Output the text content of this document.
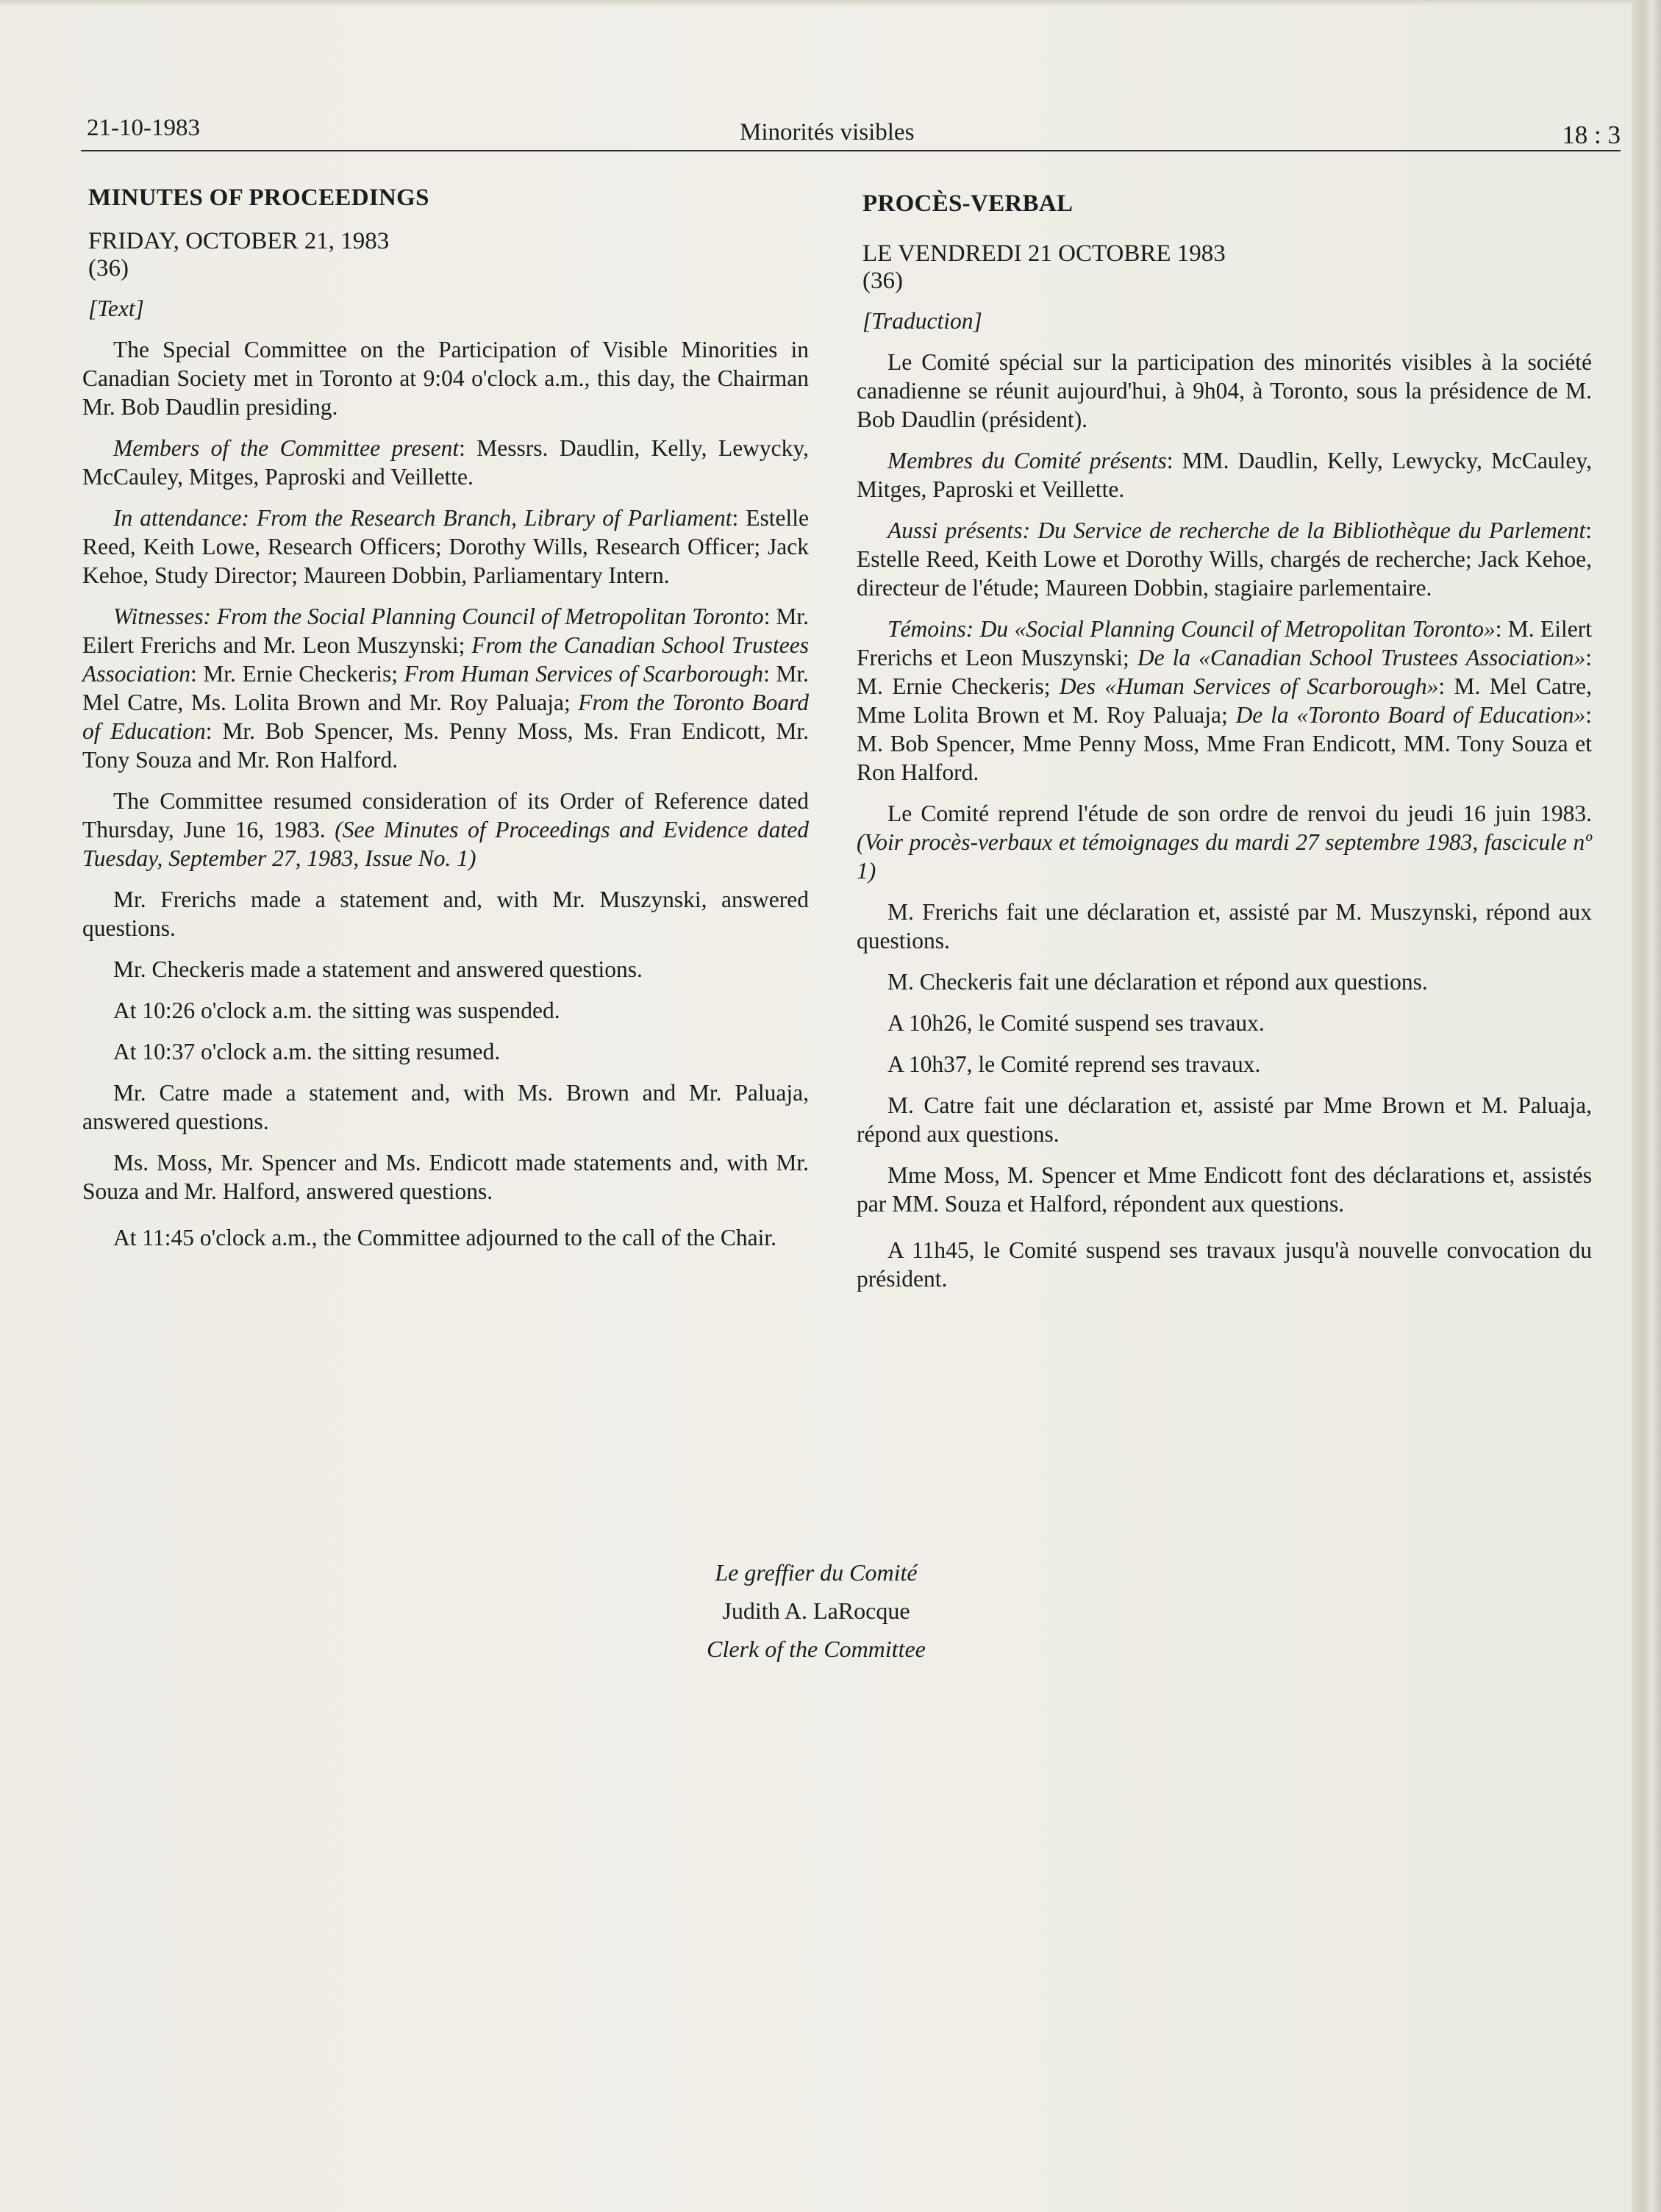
21-10-1983	Minorités visibles	18 : 3
MINUTES OF PROCEEDINGS
FRIDAY, OCTOBER 21, 1983
(36)
[Text]

The Special Committee on the Participation of Visible Minorities in Canadian Society met in Toronto at 9:04 o'clock a.m., this day, the Chairman Mr. Bob Daudlin presiding.

Members of the Committee present: Messrs. Daudlin, Kelly, Lewycky, McCauley, Mitges, Paproski and Veillette.

In attendance: From the Research Branch, Library of Parliament: Estelle Reed, Keith Lowe, Research Officers; Dorothy Wills, Research Officer; Jack Kehoe, Study Director; Maureen Dobbin, Parliamentary Intern.

Witnesses: From the Social Planning Council of Metropolitan Toronto: Mr. Eilert Frerichs and Mr. Leon Muszynski; From the Canadian School Trustees Association: Mr. Ernie Checkeris; From Human Services of Scarborough: Mr. Mel Catre, Ms. Lolita Brown and Mr. Roy Paluaja; From the Toronto Board of Education: Mr. Bob Spencer, Ms. Penny Moss, Ms. Fran Endicott, Mr. Tony Souza and Mr. Ron Halford.

The Committee resumed consideration of its Order of Reference dated Thursday, June 16, 1983. (See Minutes of Proceedings and Evidence dated Tuesday, September 27, 1983, Issue No. 1)

Mr. Frerichs made a statement and, with Mr. Muszynski, answered questions.

Mr. Checkeris made a statement and answered questions.

At 10:26 o'clock a.m. the sitting was suspended.

At 10:37 o'clock a.m. the sitting resumed.

Mr. Catre made a statement and, with Ms. Brown and Mr. Paluaja, answered questions.

Ms. Moss, Mr. Spencer and Ms. Endicott made statements and, with Mr. Souza and Mr. Halford, answered questions.

At 11:45 o'clock a.m., the Committee adjourned to the call of the Chair.

PROCÈS-VERBAL
LE VENDREDI 21 OCTOBRE 1983
(36)
[Traduction]

Le Comité spécial sur la participation des minorités visibles à la société canadienne se réunit aujourd'hui, à 9h04, à Toronto, sous la présidence de M. Bob Daudlin (président).

Membres du Comité présents: MM. Daudlin, Kelly, Lewycky, McCauley, Mitges, Paproski et Veillette.

Aussi présents: Du Service de recherche de la Bibliothèque du Parlement: Estelle Reed, Keith Lowe et Dorothy Wills, chargés de recherche; Jack Kehoe, directeur de l'étude; Maureen Dobbin, stagiaire parlementaire.

Témoins: Du «Social Planning Council of Metropolitan Toronto»: M. Eilert Frerichs et Leon Muszynski; De la «Canadian School Trustees Association»: M. Ernie Checkeris; Des «Human Services of Scarborough»: M. Mel Catre, Mme Lolita Brown et M. Roy Paluaja; De la «Toronto Board of Education»: M. Bob Spencer, Mme Penny Moss, Mme Fran Endicott, MM. Tony Souza et Ron Halford.

Le Comité reprend l'étude de son ordre de renvoi du jeudi 16 juin 1983. (Voir procès-verbaux et témoignages du mardi 27 septembre 1983, fascicule nº 1)

M. Frerichs fait une déclaration et, assisté par M. Muszynski, répond aux questions.

M. Checkeris fait une déclaration et répond aux questions.

A 10h26, le Comité suspend ses travaux.

A 10h37, le Comité reprend ses travaux.

M. Catre fait une déclaration et, assisté par Mme Brown et M. Paluaja, répond aux questions.

Mme Moss, M. Spencer et Mme Endicott font des déclarations et, assistés par MM. Souza et Halford, répondent aux questions.

A 11h45, le Comité suspend ses travaux jusqu'à nouvelle convocation du président.

Le greffier du Comité
Judith A. LaRocque
Clerk of the Committee
